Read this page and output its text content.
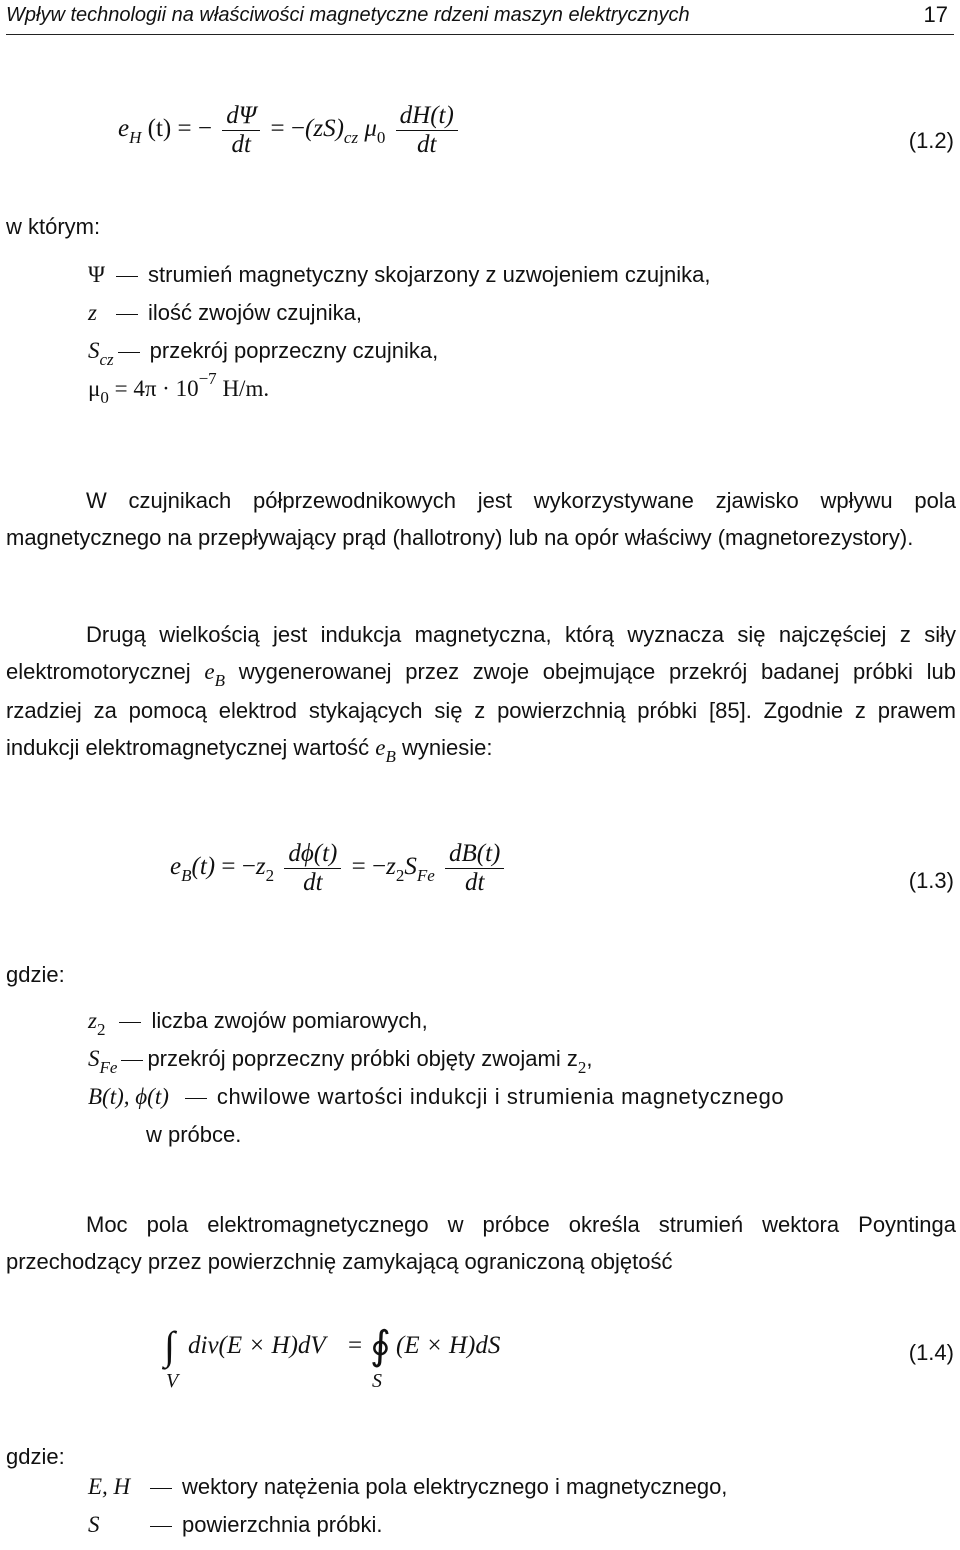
Wpływ technologii na właściwości magnetyczne rdzeni maszyn elektrycznych	17
$e_H$ (t) = − $\frac{d\Psi}{dt} = -(zS)_{cz}$ $\mu_0 \frac{dH(t)}{dt}$	(1.2)
w którym:
Ψ strumień magnetyczny skojarzony z uzwojeniem czujnika,
z ilość zwojów czujnika,
$S_{cz}$ przekrój poprzeczny czujnika,
$\mu_0 = 4\pi \cdot 10^{-7}$ H/m.
W czujnikach półprzewodnikowych jest wykorzystywane zjawisko wpływu pola magnetycznego na przepływający prąd (hallotrony) lub na opór właściwy (magnetorezystory).
Drugą wielkością jest indukcja magnetyczna, którą wyznacza się najczęściej z siły elektromotorycznej $e_B$ wygenerowanej przez zwoje obejmujące przekrój badanej próbki lub rzadziej za pomocą elektrod stykających się z powierzchnią próbki [85]. Zgodnie z prawem indukcji elektromagnetycznej wartość $e_B$ wyniesie:
$e_B(t) = -z_2 \frac{d\phi(t)}{dt} = -z_2S_{Fe} \frac{dB(t)}{dt}$	(1.3)
gdzie:
$z_2$ liczba zwojów pomiarowych,
$S_{Fe}$ przekrój poprzeczny próbki objęty zwojami $z_2$,
B(t), ϕ(t) chwilowe wartości indukcji i strumienia magnetycznego
w próbce.
Moc pola elektromagnetycznego w próbce określa strumień wektora Poyntinga przechodzący przez powierzchnię zamykającą ograniczoną objętość
∫
V
div(E × H)dV = ∮
S
(E × H)dS	(1.4)
gdzie:
E, H wektory natężenia pola elektrycznego i magnetycznego,
S	powierzchnia próbki.
